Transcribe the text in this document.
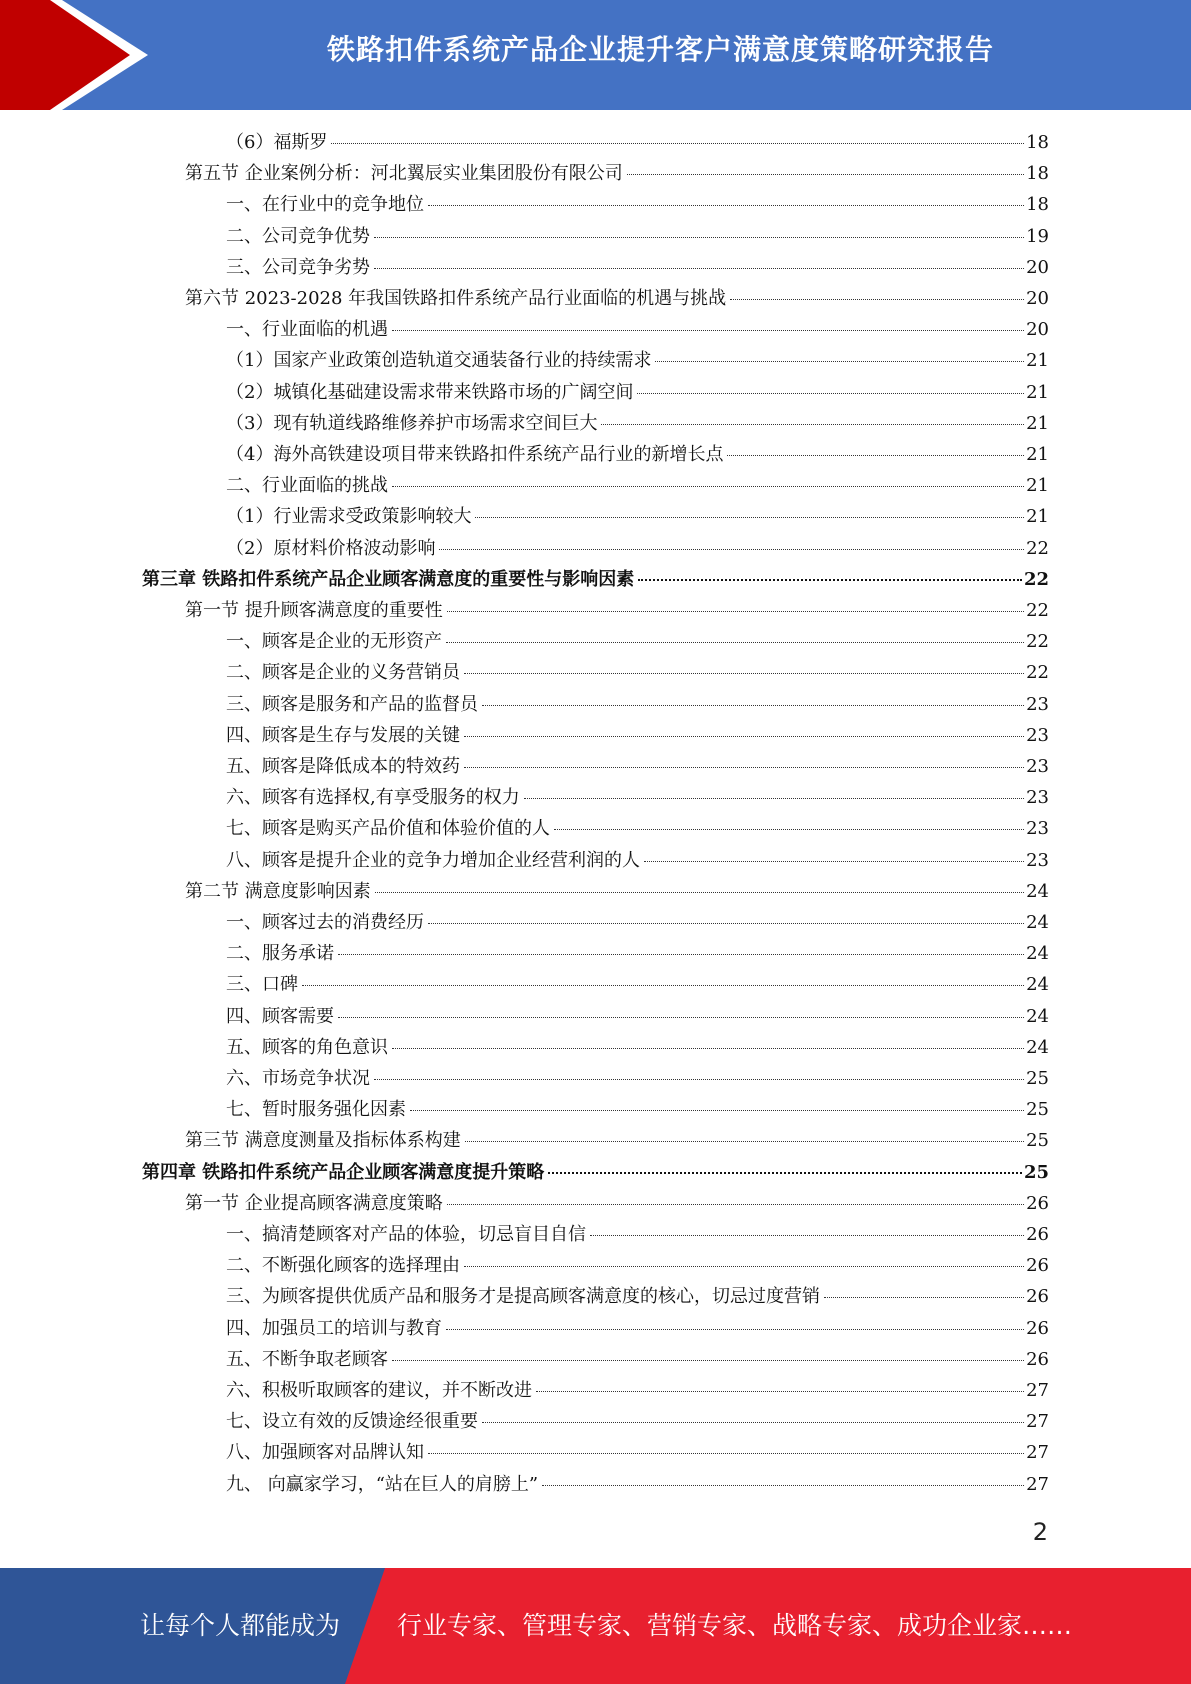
铁路扣件系统产品企业提升客户满意度策略研究报告
（6）福斯罗	18
第五节 企业案例分析：河北翼辰实业集团股份有限公司	18
一、在行业中的竞争地位	18
二、公司竞争优势	19
三、公司竞争劣势	20
第六节 2023-2028 年我国铁路扣件系统产品行业面临的机遇与挑战	20
一、行业面临的机遇	20
（1）国家产业政策创造轨道交通装备行业的持续需求	21
（2）城镇化基础建设需求带来铁路市场的广阔空间	21
（3）现有轨道线路维修养护市场需求空间巨大	21
（4）海外高铁建设项目带来铁路扣件系统产品行业的新增长点	21
二、行业面临的挑战	21
（1）行业需求受政策影响较大	21
（2）原材料价格波动影响	22
第三章 铁路扣件系统产品企业顾客满意度的重要性与影响因素	22
第一节 提升顾客满意度的重要性	22
一、顾客是企业的无形资产	22
二、顾客是企业的义务营销员	22
三、顾客是服务和产品的监督员	23
四、顾客是生存与发展的关键	23
五、顾客是降低成本的特效药	23
六、顾客有选择权,有享受服务的权力	23
七、顾客是购买产品价值和体验价值的人	23
八、顾客是提升企业的竞争力增加企业经营利润的人	23
第二节 满意度影响因素	24
一、顾客过去的消费经历	24
二、服务承诺	24
三、口碑	24
四、顾客需要	24
五、顾客的角色意识	24
六、市场竞争状况	25
七、暂时服务强化因素	25
第三节 满意度测量及指标体系构建	25
第四章 铁路扣件系统产品企业顾客满意度提升策略	25
第一节 企业提高顾客满意度策略	26
一、搞清楚顾客对产品的体验，切忌盲目自信	26
二、不断强化顾客的选择理由	26
三、为顾客提供优质产品和服务才是提高顾客满意度的核心，切忌过度营销	26
四、加强员工的培训与教育	26
五、不断争取老顾客	26
六、积极听取顾客的建议，并不断改进	27
七、设立有效的反馈途经很重要	27
八、加强顾客对品牌认知	27
九、 向赢家学习，“站在巨人的肩膀上”	27
2
让每个人都能成为 行业专家、管理专家、营销专家、战略专家、成功企业家……
